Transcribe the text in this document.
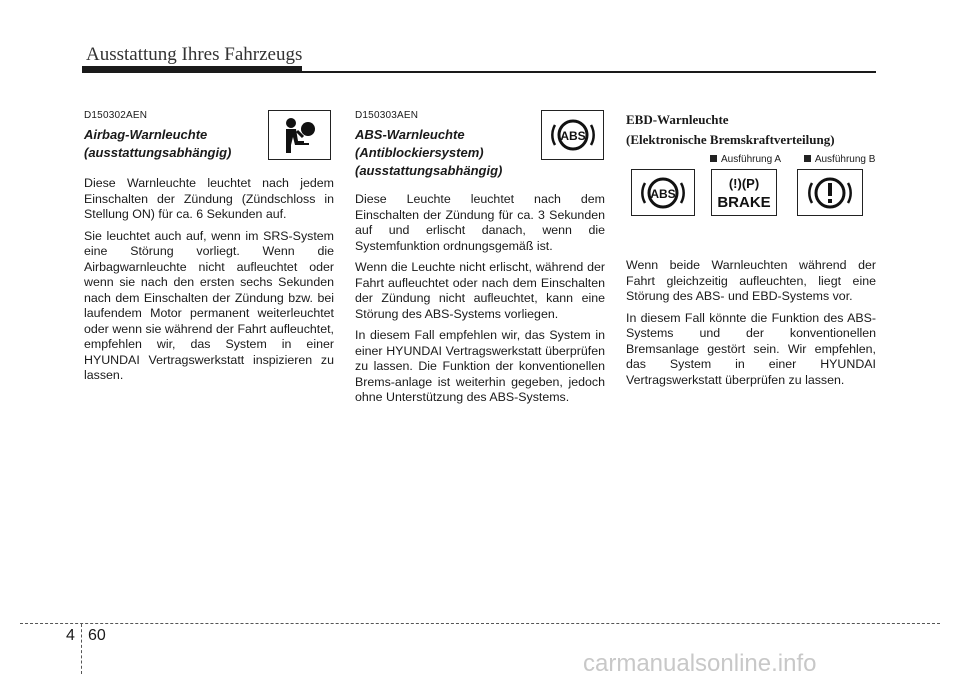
Ausstattung Ihres Fahrzeugs
D150302AEN
Airbag-Warnleuchte
(ausstattungsabhängig)

Diese Warnleuchte leuchtet nach jedem Einschalten der Zündung (Zündschloss in Stellung ON) für ca. 6 Sekunden auf.

Sie leuchtet auch auf, wenn im SRS-System eine Störung vorliegt. Wenn die Airbagwarnleuchte nicht aufleuchtet oder wenn sie nach den ersten sechs Sekunden nach dem Einschalten der Zündung bzw. bei laufendem Motor permanent weiterleuchtet oder wenn sie während der Fahrt aufleuchtet, empfehlen wir, das System in einer HYUNDAI Vertragswerkstatt inspizieren zu lassen.

D150303AEN
ABS-Warnleuchte
(Antiblockiersystem)
(ausstattungsabhängig)

Diese Leuchte leuchtet nach dem Einschalten der Zündung für ca. 3 Sekunden auf und erlischt danach, wenn die Systemfunktion ordnungsgemäß ist.

Wenn die Leuchte nicht erlischt, während der Fahrt aufleuchtet oder nach dem Einschalten der Zündung nicht aufleuchtet, kann eine Störung des ABS-Systems vorliegen.

In diesem Fall empfehlen wir, das System in einer HYUNDAI Vertragswerkstatt überprüfen zu lassen. Die Funktion der konventionellen Brems-anlage ist weiterhin gegeben, jedoch ohne Unterstützung des ABS-Systems.

ABS
EBD-Warnleuchte
(Elektronische Bremskraftverteilung)

Wenn beide Warnleuchten während der Fahrt gleichzeitig aufleuchten, liegt eine Störung des ABS- und EBD-Systems vor.

In diesem Fall könnte die Funktion des ABS-Systems und der konventionellen Bremsanlage gestört sein. Wir empfehlen, das System in einer HYUNDAI Vertragswerkstatt überprüfen zu lassen.

Ausführung A	Ausführung B
ABS
(!)(P)
BRAKE
4 60
carmanualsonline.info
